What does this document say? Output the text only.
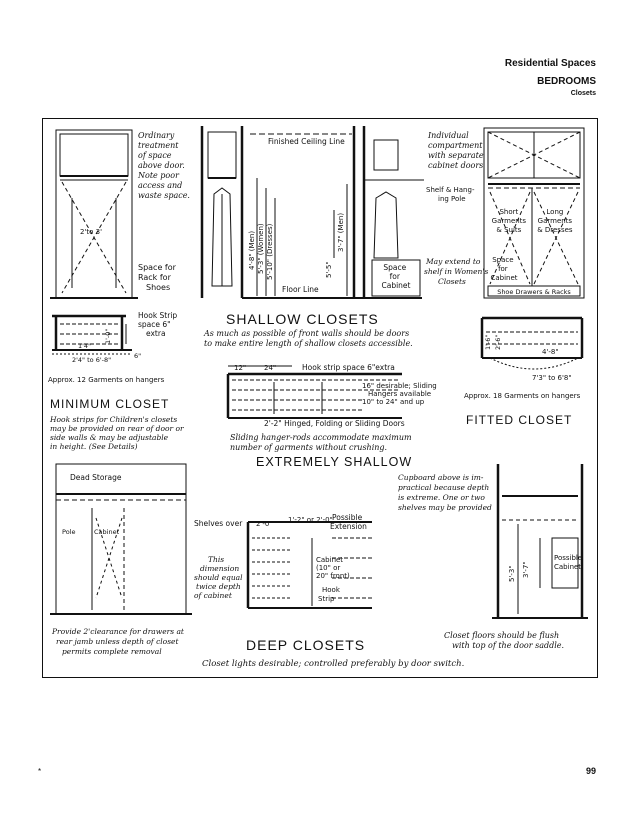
Residential Spaces
BEDROOMS
Closets
Ordinary treatment of space above door. Note poor access and waste space.
2'to 3'
Space for Rack for Shoes
Finished Ceiling Line
Floor Line
4'-8" (Men) 5'-3" (Women) 5'-10" (Dresses)	3'-7" (Men)
5'-5"	Space for Cabinet
Individual compartment with separate cabinet doors
Shelf & Hang- ing Pole
May extend to shelf in Women's Closets
Short Garments & Suits Long Garments & Dresses Space for Cabinet
Shoe Drawers & Racks
Hook Strip space 6" extra
1'-0"
1'4"
2'4" to 6'-8"	6"
Approx. 12 Garments on hangers
MINIMUM CLOSET
Hook strips for Children's closets may be provided on rear of door or side walls & may be adjustable in height. (See Details)
SHALLOW CLOSETS
As much as possible of front walls should be doors to make entire length of shallow closets accessible.
12"	24"	Hook strip space 6"extra
16" desirable; Sliding Hangers available 10" to 24" and up
2'-2" Hinged, Folding or Sliding Doors
Sliding hanger-rods accommodate maximum number of garments without crushing.
EXTREMELY SHALLOW
1'-6" 2'-6"
4'-8"
7'3" to 6'8"
Approx. 18 Garments on hangers
FITTED CLOSET
Dead Storage
Pole	Cabinet
Provide 2'clearance for drawers at rear jamb unless depth of closet permits complete removal
Shelves over 2'-0" 1'-2" or 2'-0" Possible Extension
Cabinet (10" or 20" front)
This dimension should equal twice depth of cabinet
Hook Strip
DEEP CLOSETS
Cupboard above is im- practical because depth is extreme. One or two shelves may be provided
5'-3" 3'-7"
Possible Cabinet
Closet floors should be flush with top of the door saddle.
Closet lights desirable; controlled preferably by door switch.
*	99
